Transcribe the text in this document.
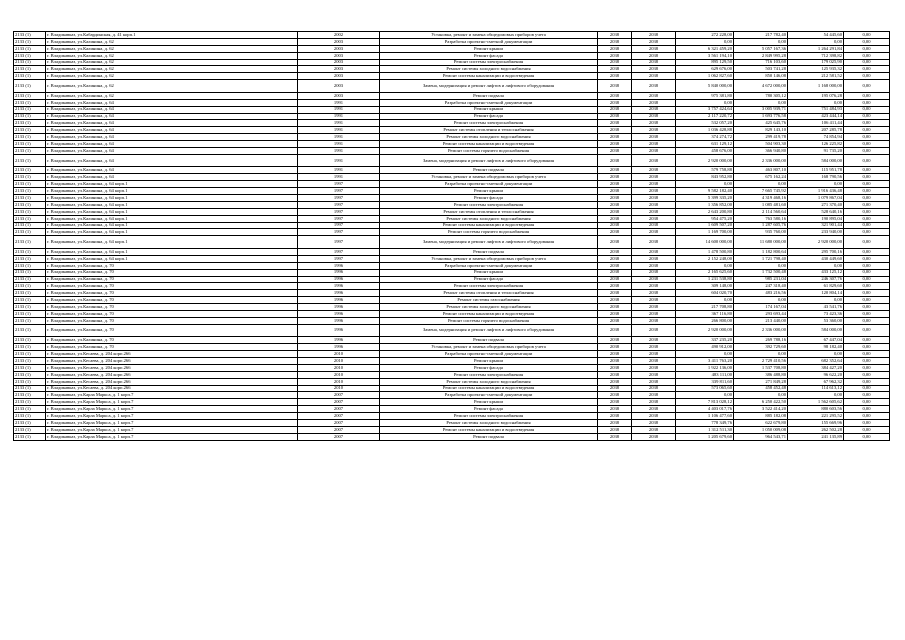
2133 (1)	г. Владикавказ, ул.Кабардинская, д. 41 корп.1	2002	Установка, ремонт и замена общедомовых приборов учета	2038	2038	272 228,00	217 782,40	54 445,60	0,00
2133 (1)	г. Владикавказ, ул.Калинина, д. 62	2003	Разработка проектно-сметной документации	2038	2038	0,00	0,00	0,00	0,00
2133 (1)	г. Владикавказ, ул.Калинина, д. 62	2003	Ремонт крыши	2038	2038	6 321 459,20	5 057 167,36	1 264 291,84	0,00
2133 (1)	г. Владикавказ, ул.Калинина, д. 62	2003	Ремонт фасада	2038	2038	3 561 194,10	2 849 995,28	712 398,82	0,00
2133 (1)	г. Владикавказ, ул.Калинина, д. 62	2003	Ремонт системы электроснабжения	2038	2038	895 129,50	716 103,60	179 025,90	0,00
2133 (1)	г. Владикавказ, ул.Калинина, д. 62	2003	Ремонт системы холодного водоснабжения	2038	2038	629 676,00	503 741,28	125 935,32	0,00
2133 (1)	г. Владикавказ, ул.Калинина, д. 62	2003	Ремонт системы канализации и водоотведения	2038	2038	1 062 827,60	850 146,08	212 581,52	0,00
2133 (1)	г. Владикавказ, ул.Калинина, д. 62	2003	Замена, модернизация и ремонт лифтов и лифтового оборудования	2038	2038	5 840 000,00	4 672 000,00	1 168 000,00	0,00
2133 (1)	г. Владикавказ, ул.Калинина, д. 62	2003	Ремонт подвала	2038	2038	975 381,80	780 305,12	195 076,28	0,00
2133 (1)	г. Владикавказ, ул.Калинина, д. 64	1991	Разработка проектно-сметной документации	2038	2038	0,00	0,00	0,00	0,00
2133 (1)	г. Владикавказ, ул.Калинина, д. 64	1991	Ремонт крыши	2038	2038	3 757 424,64	3 005 939,71	751 484,93	0,00
2133 (1)	г. Владикавказ, ул.Калинина, д. 64	1991	Ремонт фасада	2038	2038	2 117 220,72	1 693 776,58	423 444,14	0,00
2133 (1)	г. Владикавказ, ул.Калинина, д. 64	1991	Ремонт системы электроснабжения	2038	2038	532 057,20	425 645,76	106 411,44	0,00
2133 (1)	г. Владикавказ, ул.Калинина, д. 64	1991	Ремонт системы отопления и теплоснабжения	2038	2038	1 036 428,88	829 143,10	207 285,78	0,00
2133 (1)	г. Владикавказ, ул.Калинина, д. 64	1991	Ремонт системы холодного водоснабжения	2038	2038	374 274,72	299 419,78	74 854,94	0,00
2133 (1)	г. Владикавказ, ул.Калинина, д. 64	1991	Ремонт системы канализации и водоотведения	2038	2038	631 129,12	504 903,30	126 225,82	0,00
2133 (1)	г. Владикавказ, ул.Калинина, д. 64	1991	Ремонт системы горячего водоснабжения	2038	2038	458 676,00	366 940,80	91 735,20	0,00
2133 (1)	г. Владикавказ, ул.Калинина, д. 64	1991	Замена, модернизация и ремонт лифтов и лифтового оборудования	2038	2038	2 920 000,00	2 336 000,00	584 000,00	0,00
2133 (1)	г. Владикавказ, ул.Калинина, д. 64	1991	Ремонт подвала	2038	2038	579 758,88	463 807,10	115 951,78	0,00
2133 (1)	г. Владикавказ, ул.Калинина, д. 64	1991	Установка, ремонт и замена общедомовых приборов учета	2038	2038	843 952,80	675 162,24	168 790,56	0,00
2133 (1)	г. Владикавказ, ул.Калинина, д. 64 корп.1	1997	Разработка проектно-сметной документации	2038	2038	0,00	0,00	0,00	0,00
2133 (1)	г. Владикавказ, ул.Калинина, д. 64 корп.1	1997	Ремонт крыши	2038	2038	9 582 182,40	7 665 745,92	1 916 436,48	0,00
2133 (1)	г. Владикавказ, ул.Калинина, д. 64 корп.1	1997	Ремонт фасада	2038	2038	5 399 335,20	4 319 468,16	1 079 867,04	0,00
2133 (1)	г. Владикавказ, ул.Калинина, д. 64 корп.1	1997	Ремонт системы электроснабжения	2038	2038	1 356 852,00	1 085 481,60	271 370,40	0,00
2133 (1)	г. Владикавказ, ул.Калинина, д. 64 корп.1	1997	Ремонт системы отопления и теплоснабжения	2038	2038	2 643 200,80	2 114 560,64	528 640,16	0,00
2133 (1)	г. Владикавказ, ул.Калинина, д. 64 корп.1	1997	Ремонт системы холодного водоснабжения	2038	2038	954 475,20	763 580,16	190 895,04	0,00
2133 (1)	г. Владикавказ, ул.Калинина, д. 64 корп.1	1997	Ремонт системы канализации и водоотведения	2038	2038	1 609 507,20	1 287 605,76	321 901,44	0,00
2133 (1)	г. Владикавказ, ул.Калинина, д. 64 корп.1	1997	Ремонт системы горячего водоснабжения	2038	2038	1 169 700,00	935 760,00	233 940,00	0,00
2133 (1)	г. Владикавказ, ул.Калинина, д. 64 корп.1	1997	Замена, модернизация и ремонт лифтов и лифтового оборудования	2038	2038	14 600 000,00	11 680 000,00	2 920 000,00	0,00
2133 (1)	г. Владикавказ, ул.Калинина, д. 64 корп.1	1997	Ремонт подвала	2038	2038	1 478 500,80	1 182 800,64	295 700,16	0,00
2133 (1)	г. Владикавказ, ул.Калинина, д. 64 корп.1	1997	Установка, ремонт и замена общедомовых приборов учета	2038	2038	2 152 248,00	1 721 798,40	430 449,60	0,00
2133 (1)	г. Владикавказ, ул.Калинина, д. 70	1996	Разработка проектно-сметной документации	2038	2038	0,00	0,00	0,00	0,00
2133 (1)	г. Владикавказ, ул.Калинина, д. 70	1996	Ремонт крыши	2038	2038	2 165 625,60	1 732 500,48	433 125,12	0,00
2133 (1)	г. Владикавказ, ул.Калинина, д. 70	1996	Ремонт фасада	2038	2038	1 231 538,80	985 231,04	246 307,76	0,00
2133 (1)	г. Владикавказ, ул.Калинина, д. 70	1996	Ремонт системы электроснабжения	2038	2038	309 148,00	247 318,40	61 829,60	0,00
2133 (1)	г. Владикавказ, ул.Калинина, д. 70	1996	Ремонт системы отопления и теплоснабжения	2038	2038	604 020,70	483 216,56	120 804,14	0,00
2133 (1)	г. Владикавказ, ул.Калинина, д. 70	1996	Ремонт системы газоснабжения	2038	2038	0,00	0,00	0,00	0,00
2133 (1)	г. Владикавказ, ул.Калинина, д. 70	1996	Ремонт системы холодного водоснабжения	2038	2038	217 708,80	174 167,04	43 541,76	0,00
2133 (1)	г. Владикавказ, ул.Калинина, д. 70	1996	Ремонт системы канализации и водоотведения	2038	2038	367 116,80	293 693,44	73 423,36	0,00
2133 (1)	г. Владикавказ, ул.Калинина, д. 70	1996	Ремонт системы горячего водоснабжения	2038	2038	266 800,00	213 440,00	53 360,00	0,00
2133 (1)	г. Владикавказ, ул.Калинина, д. 70	1996	Замена, модернизация и ремонт лифтов и лифтового оборудования	2038	2038	2 920 000,00	2 336 000,00	584 000,00	0,00
2133 (1)	г. Владикавказ, ул.Калинина, д. 70	1996	Ремонт подвала	2038	2038	337 235,20	269 788,16	67 447,04	0,00
2133 (1)	г. Владикавказ, ул.Калинина, д. 70	1996	Установка, ремонт и замена общедомовых приборов учета	2038	2038	490 912,00	392 729,60	98 182,40	0,00
2133 (1)	г. Владикавказ, ул.Кесаева, д. 204 корп.266	2010	Разработка проектно-сметной документации	2038	2038	0,00	0,00	0,00	0,00
2133 (1)	г. Владикавказ, ул.Кесаева, д. 204 корп.266	2010	Ремонт крыши	2038	2038	3 411 763,20	2 729 410,56	682 352,64	0,00
2133 (1)	г. Владикавказ, ул.Кесаева, д. 204 корп.266	2010	Ремонт фасада	2038	2038	1 922 136,00	1 537 708,80	384 427,20	0,00
2133 (1)	г. Владикавказ, ул.Кесаева, д. 204 корп.266	2010	Ремонт системы электроснабжения	2038	2038	483 111,00	386 488,80	96 622,20	0,00
2133 (1)	г. Владикавказ, ул.Кесаева, д. 204 корп.266	2010	Ремонт системы холодного водоснабжения	2038	2038	339 811,60	271 849,28	67 962,32	0,00
2133 (1)	г. Владикавказ, ул.Кесаева, д. 204 корп.266	2010	Ремонт системы канализации и водоотведения	2038	2038	573 065,60	458 452,48	114 613,12	0,00
2133 (1)	г. Владикавказ, ул.Карла Маркса, д. 1 корп.7	2007	Разработка проектно-сметной документации	2038	2038	0,00	0,00	0,00	0,00
2133 (1)	г. Владикавказ, ул.Карла Маркса, д. 1 корп.7	2007	Ремонт крыши	2038	2038	7 813 028,12	6 250 422,50	1 562 605,62	0,00
2133 (1)	г. Владикавказ, ул.Карла Маркса, д. 1 корп.7	2007	Ремонт фасада	2038	2038	4 403 017,76	3 522 414,20	880 603,56	0,00
2133 (1)	г. Владикавказ, ул.Карла Маркса, д. 1 корп.7	2007	Ремонт системы электроснабжения	2038	2038	1 106 477,60	885 182,08	221 295,52	0,00
2133 (1)	г. Владикавказ, ул.Карла Маркса, д. 1 корп.7	2007	Ремонт системы холодного водоснабжения	2038	2038	778 349,76	622 679,80	155 669,96	0,00
2133 (1)	г. Владикавказ, ул.Карла Маркса, д. 1 корп.7	2007	Ремонт системы канализации и водоотведения	2038	2038	1 312 511,30	1 050 009,08	262 502,28	0,00
2133 (1)	г. Владикавказ, ул.Карла Маркса, д. 1 корп.7	2007	Ремонт подвала	2038	2038	1 205 679,60	964 543,71	241 135,89	0,00
